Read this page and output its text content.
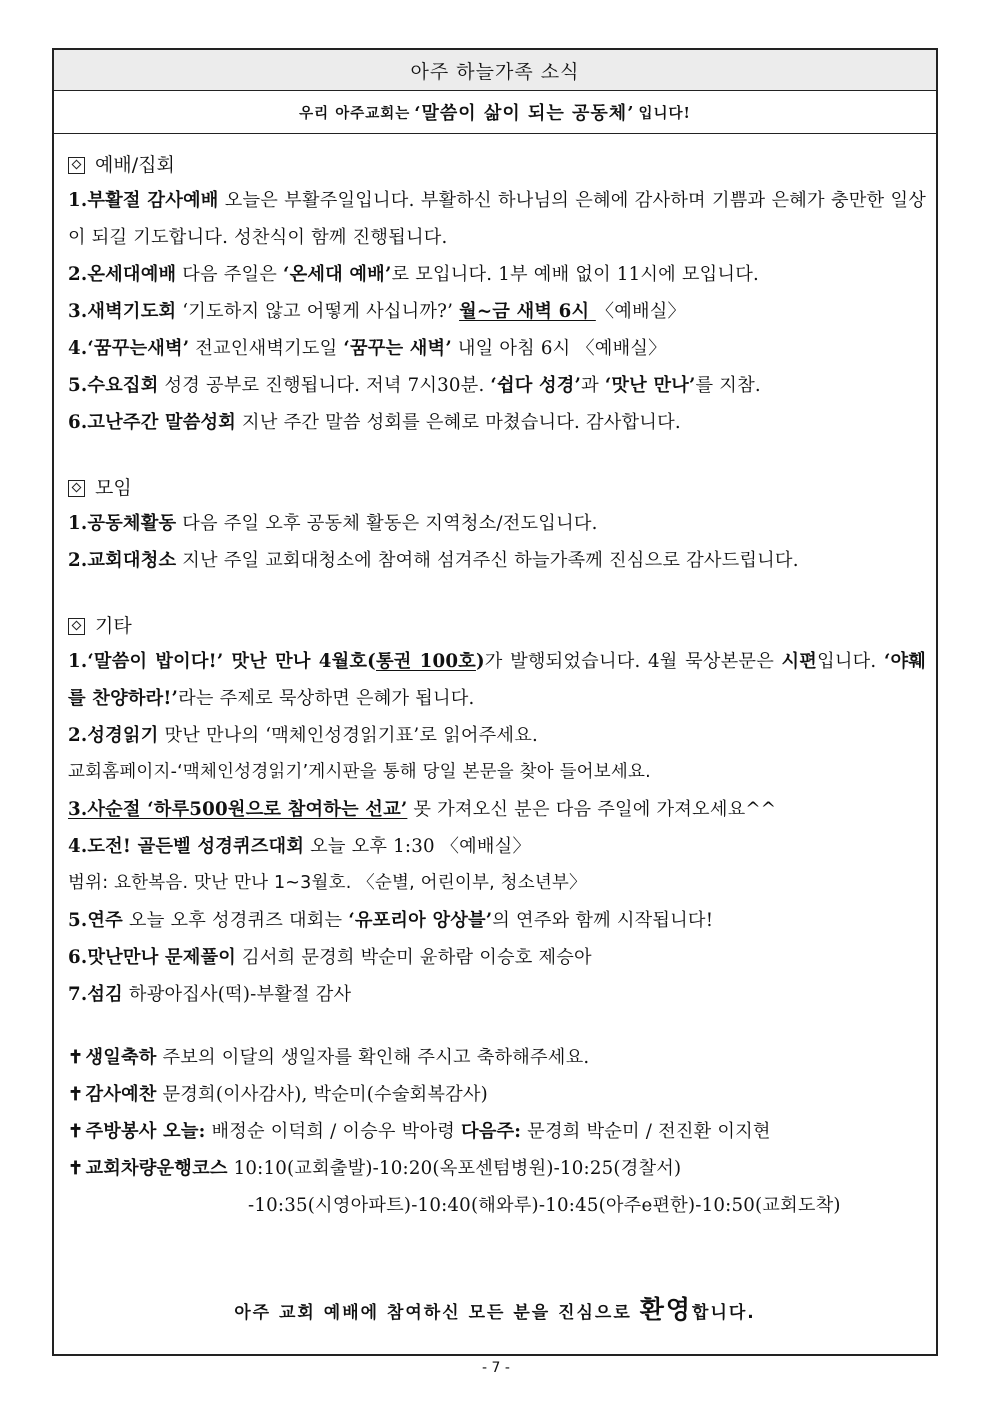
아주 하늘가족 소식
우리 아주교회는 ‘말씀이 삶이 되는 공동체’ 입니다!
예배/집회
1.부활절 감사예배 오늘은 부활주일입니다. 부활하신 하나님의 은혜에 감사하며 기쁨과 은혜가 충만한 일상이 되길 기도합니다. 성찬식이 함께 진행됩니다.
2.온세대예배 다음 주일은 ‘온세대 예배’로 모입니다. 1부 예배 없이 11시에 모입니다.
3.새벽기도회 ‘기도하지 않고 어떻게 사십니까?’ 월~금 새벽 6시 〈예배실〉
4.‘꿈꾸는새벽’ 전교인새벽기도일 ‘꿈꾸는 새벽’ 내일 아침 6시 〈예배실〉
5.수요집회 성경 공부로 진행됩니다. 저녁 7시30분. ‘쉽다 성경’과 ‘맛난 만나’를 지참.
6.고난주간 말씀성회 지난 주간 말씀 성회를 은혜로 마쳤습니다. 감사합니다.
모임
1.공동체활동 다음 주일 오후 공동체 활동은 지역청소/전도입니다.
2.교회대청소 지난 주일 교회대청소에 참여해 섬겨주신 하늘가족께 진심으로 감사드립니다.
기타
1.‘말씀이 밥이다!’ 맛난 만나 4월호(통권 100호)가 발행되었습니다. 4월 묵상본문은 시편입니다. ‘야훼를 찬양하라!’라는 주제로 묵상하면 은혜가 됩니다.
2.성경읽기 맛난 만나의 ‘맥체인성경읽기표’로 읽어주세요.
교회홈페이지-‘맥체인성경읽기’게시판을 통해 당일 본문을 찾아 들어보세요.
3.사순절 ‘하루500원으로 참여하는 선교’ 못 가져오신 분은 다음 주일에 가져오세요^^
4.도전! 골든벨 성경퀴즈대회 오늘 오후 1:30 〈예배실〉
범위: 요한복음. 맛난 만나 1~3월호. 〈순별, 어린이부, 청소년부〉
5.연주 오늘 오후 성경퀴즈 대회는 ‘유포리아 앙상블’의 연주와 함께 시작됩니다!
6.맛난만나 문제풀이 김서희 문경희 박순미 윤하람 이승호 제승아
7.섬김 하광아집사(떡)-부활절 감사
✝ 생일축하 주보의 이달의 생일자를 확인해 주시고 축하해주세요.
✝ 감사예찬 문경희(이사감사), 박순미(수술회복감사)
✝ 주방봉사 오늘: 배정순 이덕희 / 이승우 박아령 다음주: 문경희 박순미 / 전진환 이지현
✝ 교회차량운행코스 10:10(교회출발)-10:20(옥포센텀병원)-10:25(경찰서)
-10:35(시영아파트)-10:40(해와루)-10:45(아주e편한)-10:50(교회도착)
아주 교회 예배에 참여하신 모든 분을 진심으로 환영합니다.
- 7 -
